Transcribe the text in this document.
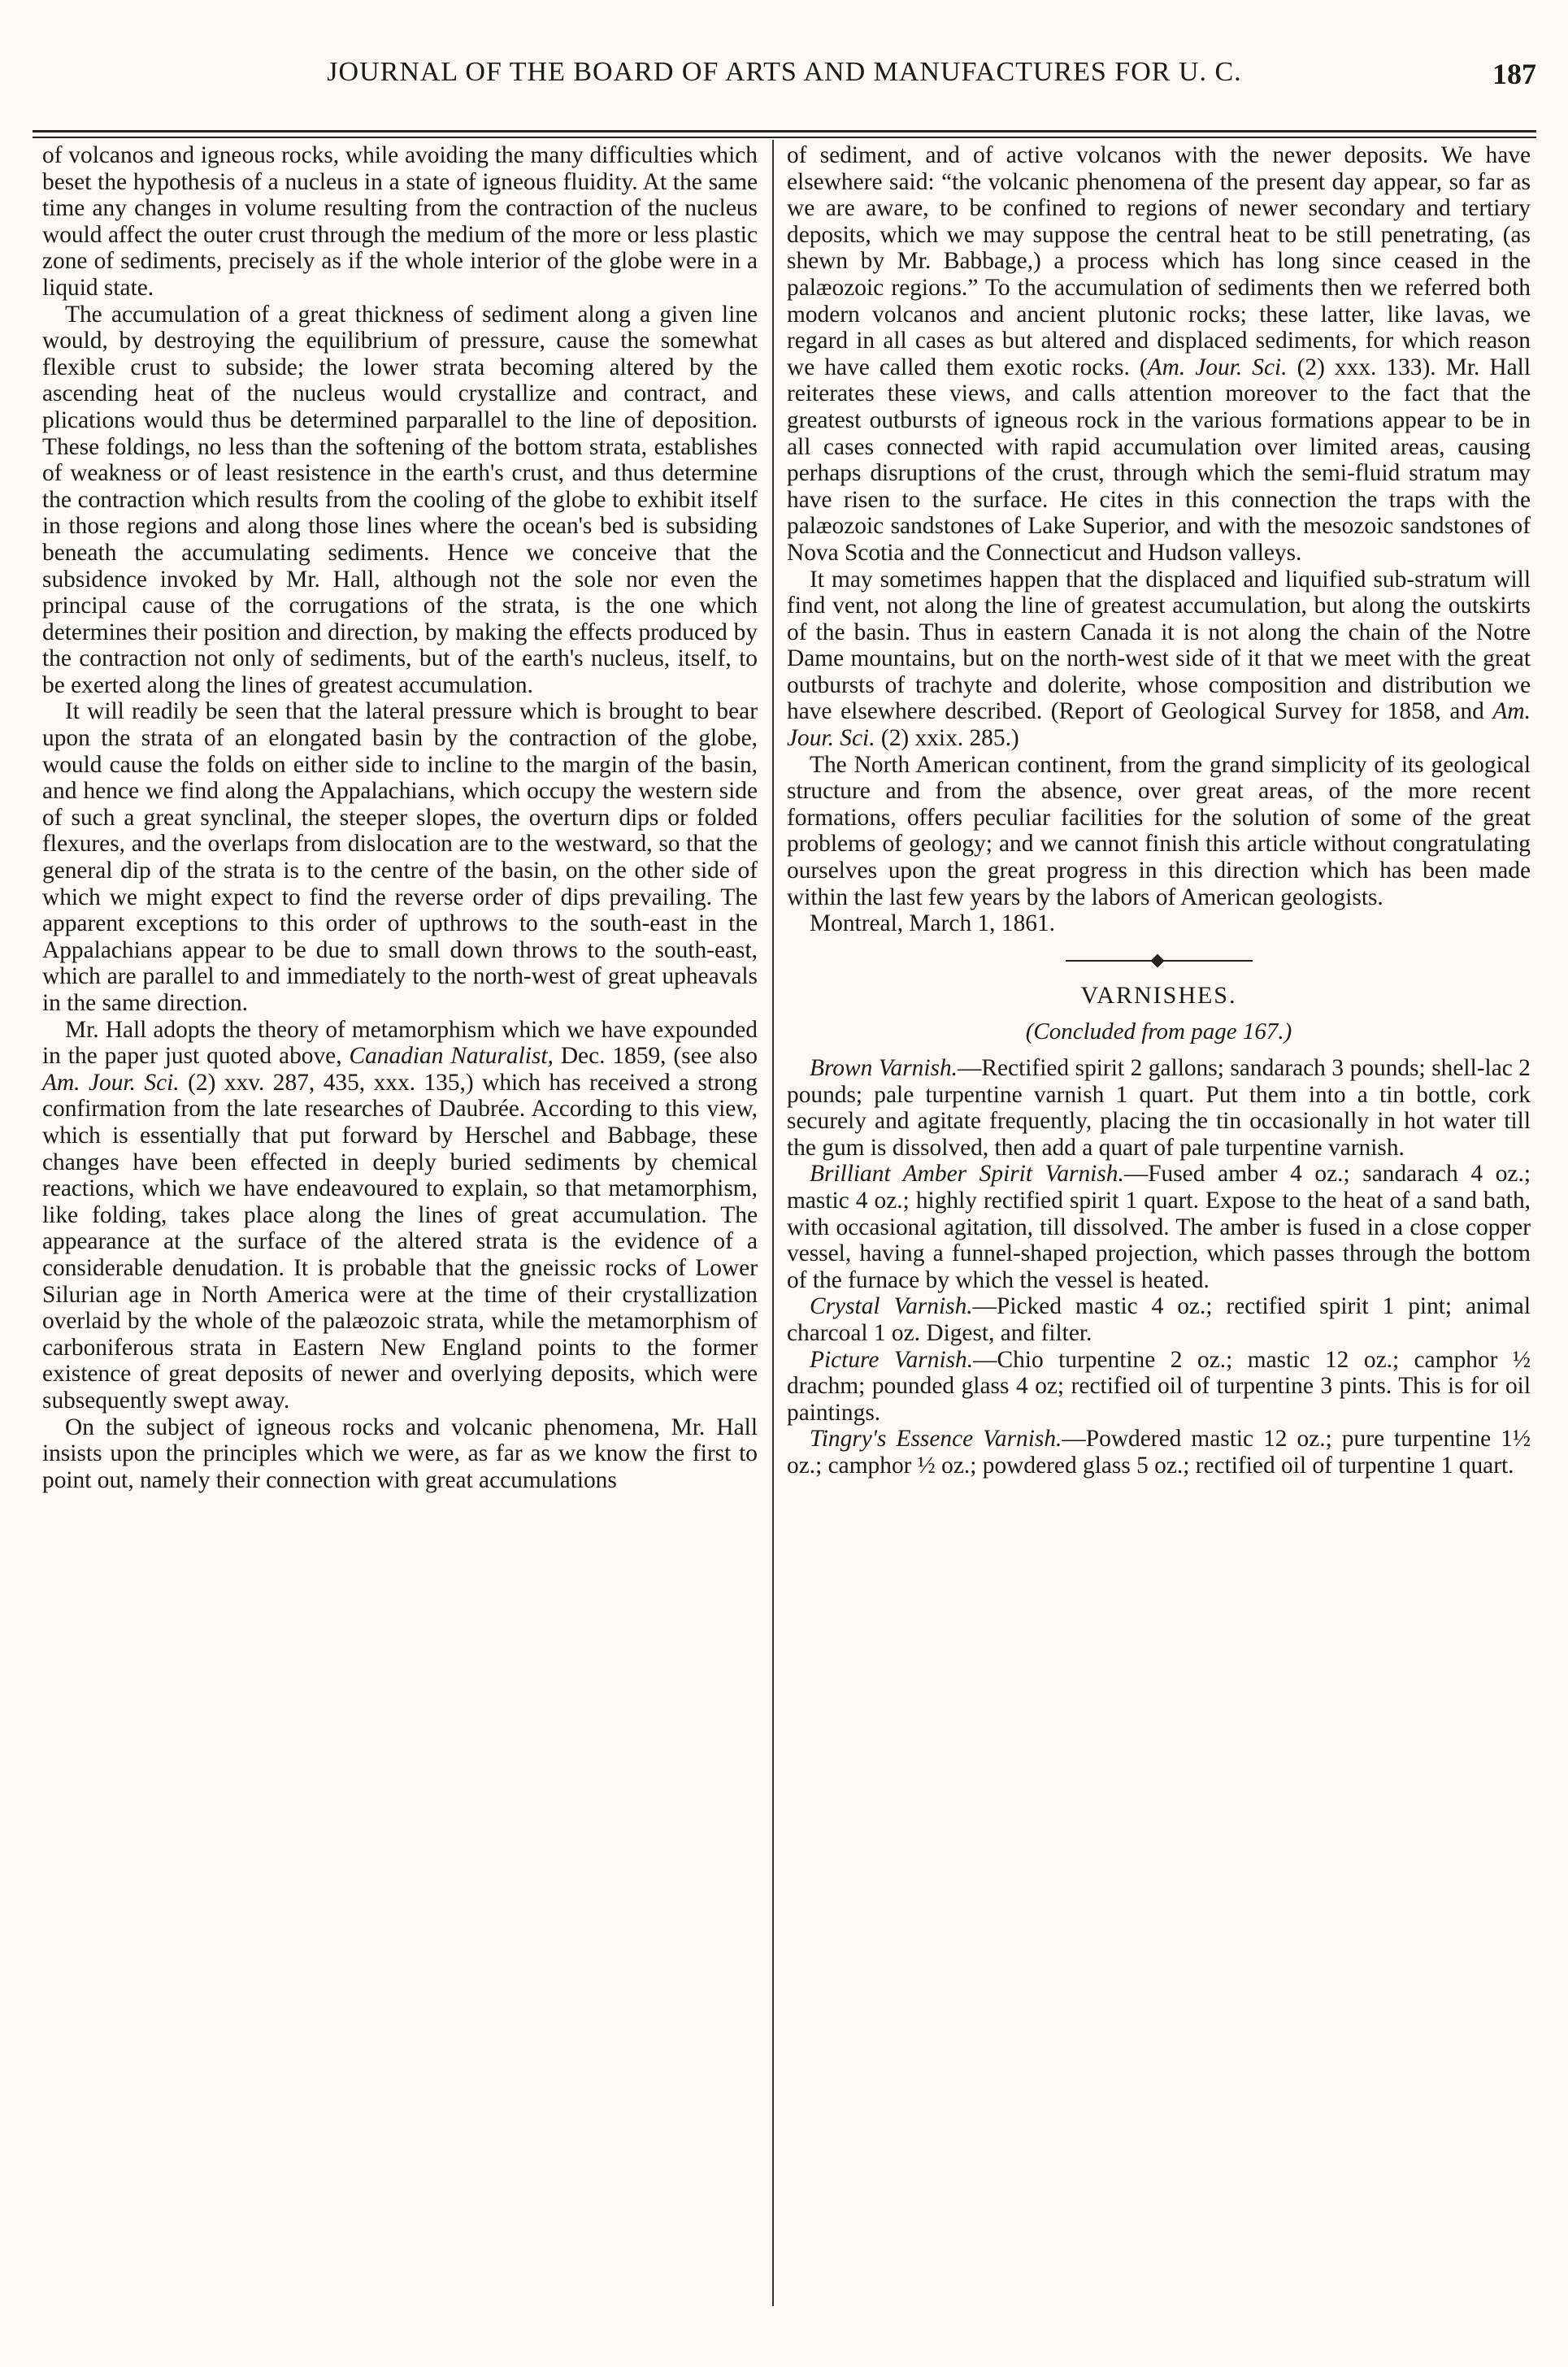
JOURNAL OF THE BOARD OF ARTS AND MANUFACTURES FOR U. C.	187

of volcanos and igneous rocks, while avoiding the many difficulties which beset the hypothesis of a nucleus in a state of igneous fluidity. At the same time any changes in volume resulting from the contraction of the nucleus would affect the outer crust through the medium of the more or less plastic zone of sediments, precisely as if the whole interior of the globe were in a liquid state.

The accumulation of a great thickness of sediment along a given line would, by destroying the equilibrium of pressure, cause the somewhat flexible crust to subside; the lower strata becoming altered by the ascending heat of the nucleus would crystallize and contract, and plications would thus be determined parparallel to the line of deposition. These foldings, no less than the softening of the bottom strata, establishes of weakness or of least resistence in the earth's crust, and thus determine the contraction which results from the cooling of the globe to exhibit itself in those regions and along those lines where the ocean's bed is subsiding beneath the accumulating sediments. Hence we conceive that the subsidence invoked by Mr. Hall, although not the sole nor even the principal cause of the corrugations of the strata, is the one which determines their position and direction, by making the effects produced by the contraction not only of sediments, but of the earth's nucleus, itself, to be exerted along the lines of greatest accumulation.

It will readily be seen that the lateral pressure which is brought to bear upon the strata of an elongated basin by the contraction of the globe, would cause the folds on either side to incline to the margin of the basin, and hence we find along the Appalachians, which occupy the western side of such a great synclinal, the steeper slopes, the overturn dips or folded flexures, and the overlaps from dislocation are to the westward, so that the general dip of the strata is to the centre of the basin, on the other side of which we might expect to find the reverse order of dips prevailing. The apparent exceptions to this order of upthrows to the south-east in the Appalachians appear to be due to small down throws to the south-east, which are parallel to and immediately to the north-west of great upheavals in the same direction.

Mr. Hall adopts the theory of metamorphism which we have expounded in the paper just quoted above, Canadian Naturalist, Dec. 1859, (see also Am. Jour. Sci. (2) xxv. 287, 435, xxx. 135,) which has received a strong confirmation from the late researches of Daubrée. According to this view, which is essentially that put forward by Herschel and Babbage, these changes have been effected in deeply buried sediments by chemical reactions, which we have endeavoured to explain, so that metamorphism, like folding, takes place along the lines of great accumulation. The appearance at the surface of the altered strata is the evidence of a considerable denudation. It is probable that the gneissic rocks of Lower Silurian age in North America were at the time of their crystallization overlaid by the whole of the palæozoic strata, while the metamorphism of carboniferous strata in Eastern New England points to the former existence of great deposits of newer and overlying deposits, which were subsequently swept away.

On the subject of igneous rocks and volcanic phenomena, Mr. Hall insists upon the principles which we were, as far as we know the first to point out, namely their connection with great accumulations

of sediment, and of active volcanos with the newer deposits. We have elsewhere said: “the volcanic phenomena of the present day appear, so far as we are aware, to be confined to regions of newer secondary and tertiary deposits, which we may suppose the central heat to be still penetrating, (as shewn by Mr. Babbage,) a process which has long since ceased in the palæozoic regions.” To the accumulation of sediments then we referred both modern volcanos and ancient plutonic rocks; these latter, like lavas, we regard in all cases as but altered and displaced sediments, for which reason we have called them exotic rocks. (Am. Jour. Sci. (2) xxx. 133). Mr. Hall reiterates these views, and calls attention moreover to the fact that the greatest outbursts of igneous rock in the various formations appear to be in all cases connected with rapid accumulation over limited areas, causing perhaps disruptions of the crust, through which the semi-fluid stratum may have risen to the surface. He cites in this connection the traps with the palæozoic sandstones of Lake Superior, and with the mesozoic sandstones of Nova Scotia and the Connecticut and Hudson valleys.

It may sometimes happen that the displaced and liquified sub-stratum will find vent, not along the line of greatest accumulation, but along the outskirts of the basin. Thus in eastern Canada it is not along the chain of the Notre Dame mountains, but on the north-west side of it that we meet with the great outbursts of trachyte and dolerite, whose composition and distribution we have elsewhere described. (Report of Geological Survey for 1858, and Am. Jour. Sci. (2) xxix. 285.)

The North American continent, from the grand simplicity of its geological structure and from the absence, over great areas, of the more recent formations, offers peculiar facilities for the solution of some of the great problems of geology; and we cannot finish this article without congratulating ourselves upon the great progress in this direction which has been made within the last few years by the labors of American geologists.

Montreal, March 1, 1861.

VARNISHES.
(Concluded from page 167.)

Brown Varnish.—Rectified spirit 2 gallons; sandarach 3 pounds; shell-lac 2 pounds; pale turpentine varnish 1 quart. Put them into a tin bottle, cork securely and agitate frequently, placing the tin occasionally in hot water till the gum is dissolved, then add a quart of pale turpentine varnish.

Brilliant Amber Spirit Varnish.—Fused amber 4 oz.; sandarach 4 oz.; mastic 4 oz.; highly rectified spirit 1 quart. Expose to the heat of a sand bath, with occasional agitation, till dissolved. The amber is fused in a close copper vessel, having a funnel-shaped projection, which passes through the bottom of the furnace by which the vessel is heated.

Crystal Varnish.—Picked mastic 4 oz.; rectified spirit 1 pint; animal charcoal 1 oz. Digest, and filter.

Picture Varnish.—Chio turpentine 2 oz.; mastic 12 oz.; camphor ½ drachm; pounded glass 4 oz; rectified oil of turpentine 3 pints. This is for oil paintings.

Tingry's Essence Varnish.—Powdered mastic 12 oz.; pure turpentine 1½ oz.; camphor ½ oz.; powdered glass 5 oz.; rectified oil of turpentine 1 quart.
